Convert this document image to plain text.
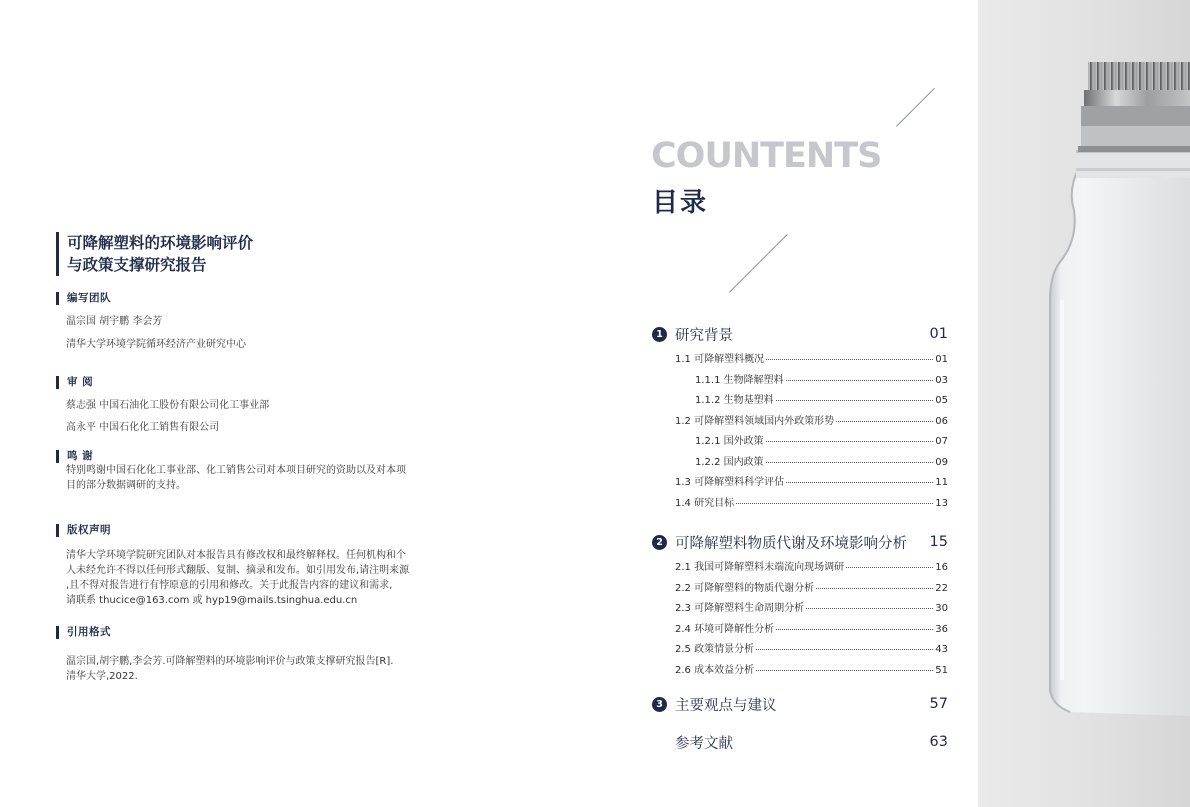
可降解塑料的环境影响评价
与政策支撑研究报告
编写团队
温宗国 胡宇鹏 李会芳
清华大学环境学院循环经济产业研究中心
审 阅
蔡志强 中国石油化工股份有限公司化工事业部
高永平 中国石化化工销售有限公司
鸣 谢
特别鸣谢中国石化化工事业部、化工销售公司对本项目研究的资助以及对本项
目的部分数据调研的支持。
版权声明
清华大学环境学院研究团队对本报告具有修改权和最终解释权。任何机构和个
人未经允许不得以任何形式翻版、复制、摘录和发布。如引用发布,请注明来源
,且不得对报告进行有悖原意的引用和修改。关于此报告内容的建议和需求,
请联系 thucice@163.com 或 hyp19@mails.tsinghua.edu.cn
引用格式
温宗国,胡宇鹏,李会芳.可降解塑料的环境影响评价与政策支撑研究报告[R].
清华大学,2022.
COUNTENTS
目录
1 研究背景	01
1.1 可降解塑料概况	01
1.1.1 生物降解塑料	03
1.1.2 生物基塑料	05
1.2 可降解塑料领域国内外政策形势	06
1.2.1 国外政策	07
1.2.2 国内政策	09
1.3 可降解塑料科学评估	11
1.4 研究目标	13
2 可降解塑料物质代谢及环境影响分析	15
2.1 我国可降解塑料末端流向现场调研	16
2.2 可降解塑料的物质代谢分析	22
2.3 可降解塑料生命周期分析	30
2.4 环境可降解性分析	36
2.5 政策情景分析	43
2.6 成本效益分析	51
3 主要观点与建议	57
参考文献	63
